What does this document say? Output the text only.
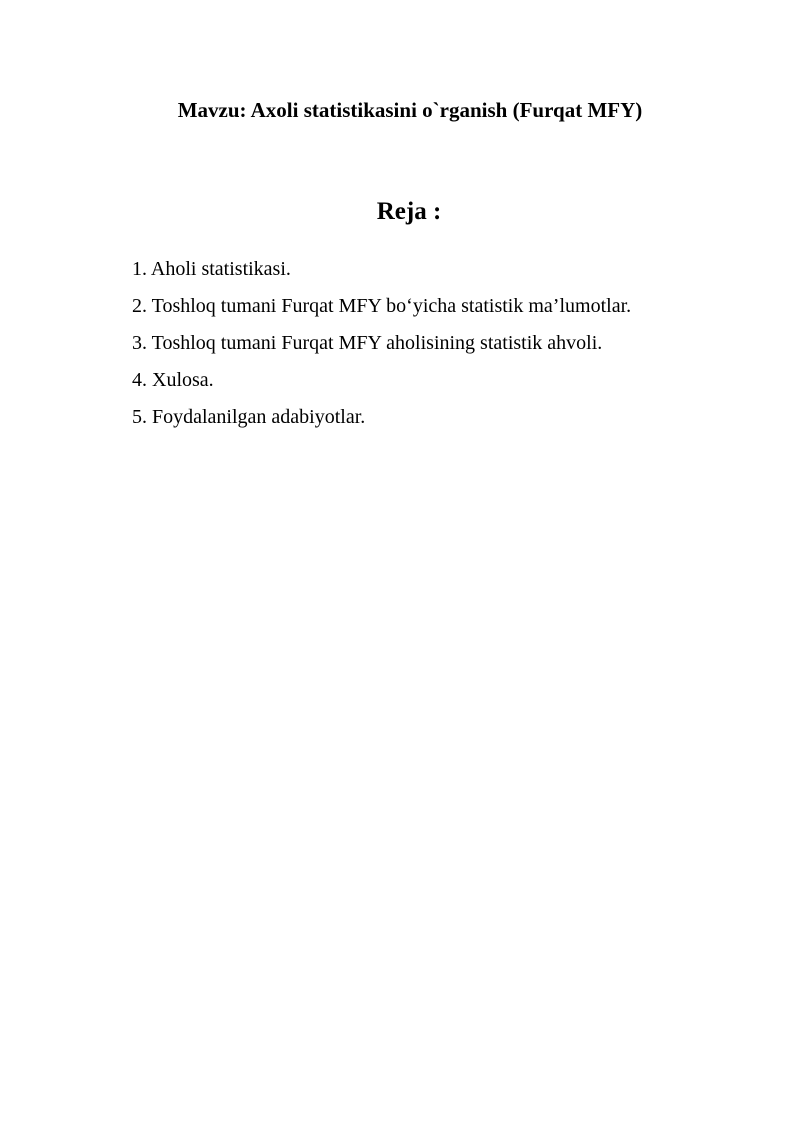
Mavzu: Axoli statistikasini o`rganish (Furqat MFY)
Reja :
1. Aholi statistikasi.
2. Toshloq tumani Furqat MFY bo‘yicha statistik ma’lumotlar.
3. Toshloq tumani Furqat MFY aholisining statistik ahvoli.
4. Xulosa.
5. Foydalanilgan adabiyotlar.
